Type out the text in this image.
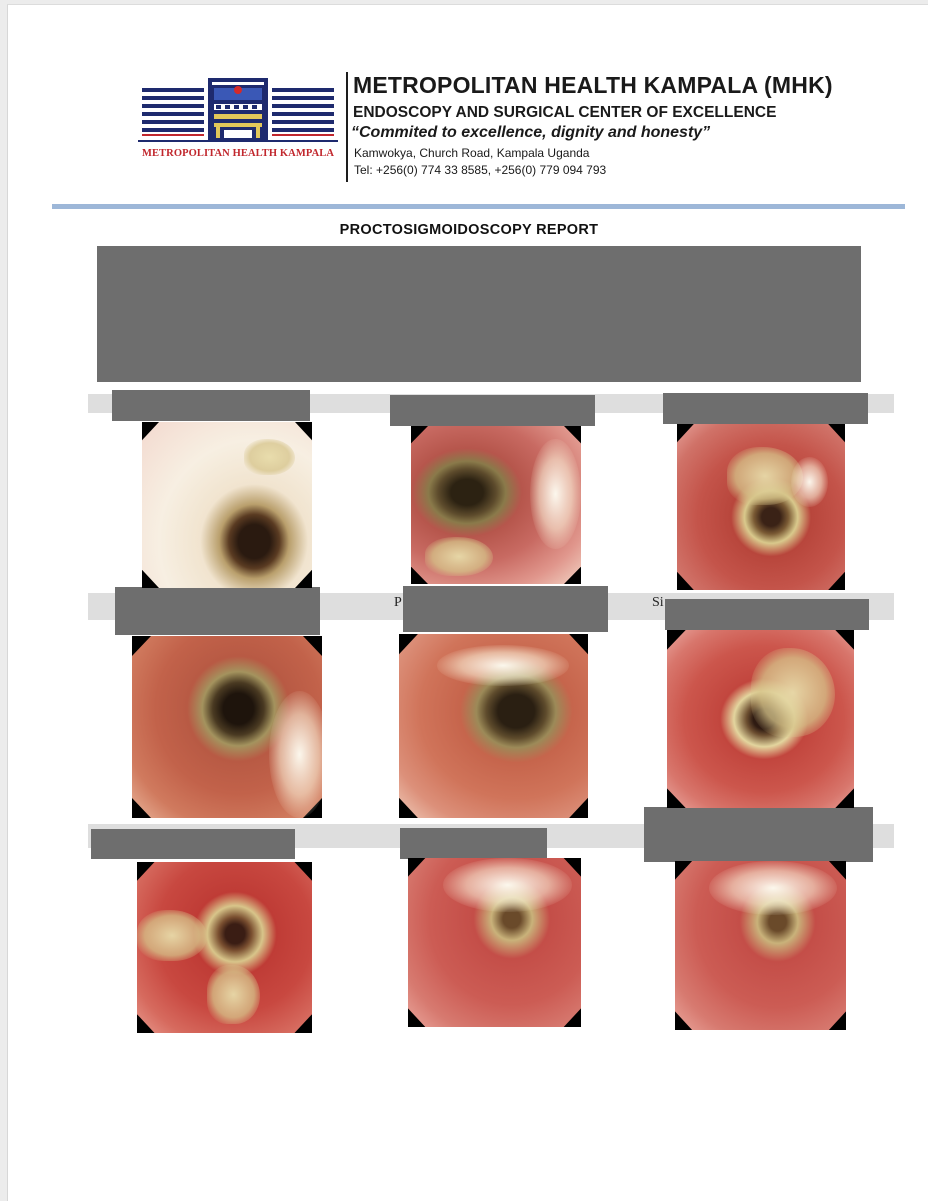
METROPOLITAN HEALTH KAMPALA
METROPOLITAN HEALTH KAMPALA (MHK)
ENDOSCOPY AND SURGICAL CENTER OF EXCELLENCE
“Commited to excellence, dignity and honesty”
Kamwokya, Church Road, Kampala Uganda
Tel: +256(0) 774 33 8585, +256(0) 779 094 793
PROCTOSIGMOIDOSCOPY REPORT
P	Si
